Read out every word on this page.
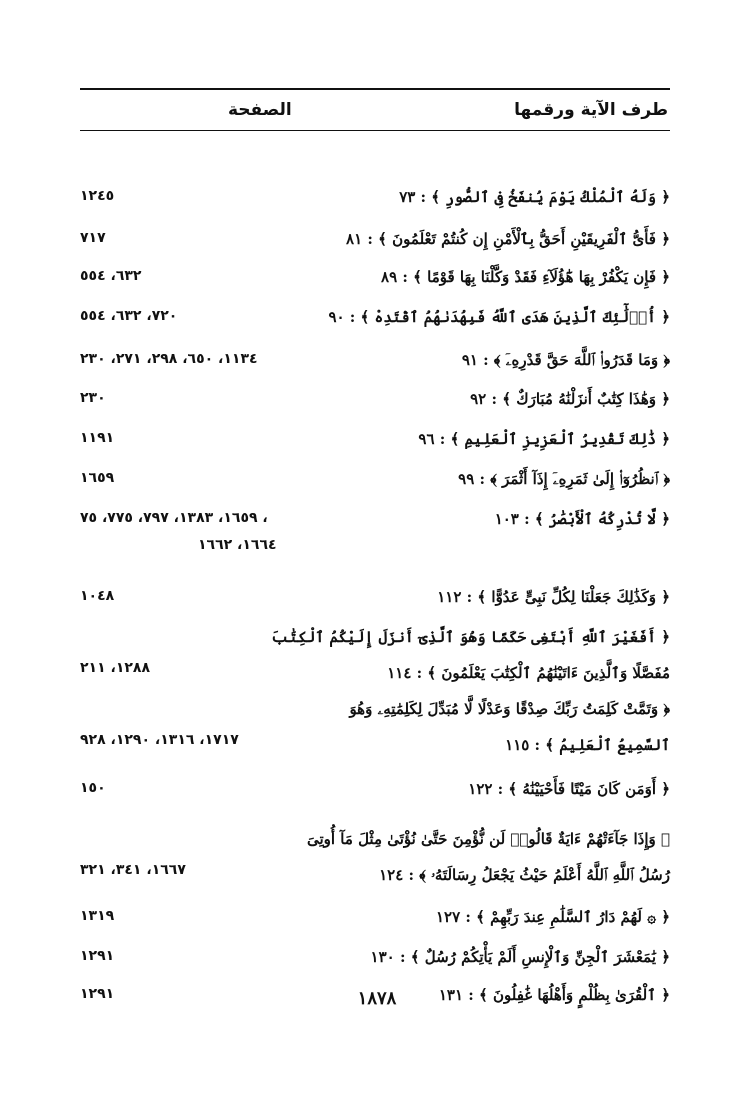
طرف الآية ورقمها
الصفحة
﴿ وَلَهُ ٱلْمُلْكُ يَوْمَ يُنفَخُ فِى ٱلصُّورِ ﴾ : ٧٣
١٢٤٥
﴿ فَأَىُّ ٱلْفَرِيقَيْنِ أَحَقُّ بِٱلْأَمْنِ إِن كُنتُمْ تَعْلَمُونَ ﴾ : ٨١
٧١٧
﴿ فَإِن يَكْفُرْ بِهَا هَٰٓؤُلَآءِ فَقَدْ وَكَّلْنَا بِهَا قَوْمًا ﴾ : ٨٩
٦٣٢، ٥٥٤
﴿ أُو۟لَٰٓئِكَ ٱلَّذِينَ هَدَى ٱللَّهُ فَبِهُدَىٰهُمُ ٱقْتَدِهْ ﴾ : ٩٠
٧٢٠، ٦٣٢، ٥٥٤
﴿ وَمَا قَدَرُوا۟ ٱللَّهَ حَقَّ قَدْرِهِۦٓ ﴾ : ٩١
١١٣٤، ٦٥٠، ٢٩٨، ٢٧١، ٢٣٠
﴿ وَهَٰذَا كِتَٰبٌ أَنزَلْنَٰهُ مُبَارَكٌ ﴾ : ٩٢
٢٣٠
﴿ ذَٰلِكَ تَقْدِيرُ ٱلْعَزِيزِ ٱلْعَلِيمِ ﴾ : ٩٦
١١٩١
﴿ ٱنظُرُوٓا۟ إِلَىٰ ثَمَرِهِۦٓ إِذَآ أَثْمَرَ ﴾ : ٩٩
١٦٥٩
﴿ لَّا تُدْرِكُهُ ٱلْأَبْصَٰرُ ﴾ : ١٠٣
، ١٦٥٩، ١٣٨٣، ٧٩٧، ٧٧٥، ٧٥
١٦٦٤، ١٦٦٢
﴿ وَكَذَٰلِكَ جَعَلْنَا لِكُلِّ نَبِىٍّ عَدُوًّا ﴾ : ١١٢
١٠٤٨
﴿ أَفَغَيْرَ ٱللَّهِ أَبْتَغِى حَكَمًا وَهُوَ ٱلَّذِىٓ أَنزَلَ إِلَيْكُمُ ٱلْكِتَٰبَ
مُفَصَّلًا وَٱلَّذِينَ ءَاتَيْنَٰهُمُ ٱلْكِتَٰبَ يَعْلَمُونَ ﴾ : ١١٤
١٢٨٨، ٢١١
﴿ وَتَمَّتْ كَلِمَتُ رَبِّكَ صِدْقًا وَعَدْلًا لَّا مُبَدِّلَ لِكَلِمَٰتِهِۦ وَهُوَ
ٱلسَّمِيعُ ٱلْعَلِيمُ ﴾ : ١١٥
١٧١٧، ١٣١٦، ١٢٩٠، ٩٢٨
﴿ أَوَمَن كَانَ مَيْتًا فَأَحْيَيْنَٰهُ ﴾ : ١٢٢
١٥٠
﴿ وَإِذَا جَآءَتْهُمْ ءَايَةٌ قَالُوا۟ لَن نُّؤْمِنَ حَتَّىٰ نُؤْتَىٰ مِثْلَ مَآ أُوتِىَ
رُسُلُ ٱللَّهِ ٱللَّهُ أَعْلَمُ حَيْثُ يَجْعَلُ رِسَالَتَهُۥ ﴾ : ١٢٤
١٦٦٧، ٣٤١، ٣٢١
﴿ ۞ لَهُمْ دَارُ ٱلسَّلَٰمِ عِندَ رَبِّهِمْ ﴾ : ١٢٧
١٣١٩
﴿ يَٰمَعْشَرَ ٱلْجِنِّ وَٱلْإِنسِ أَلَمْ يَأْتِكُمْ رُسُلٌ ﴾ : ١٣٠
١٢٩١
﴿ ٱلْقُرَىٰ بِظُلْمٍ وَأَهْلُهَا غَٰفِلُونَ ﴾ : ١٣١
١٢٩١	١٨٧٨
